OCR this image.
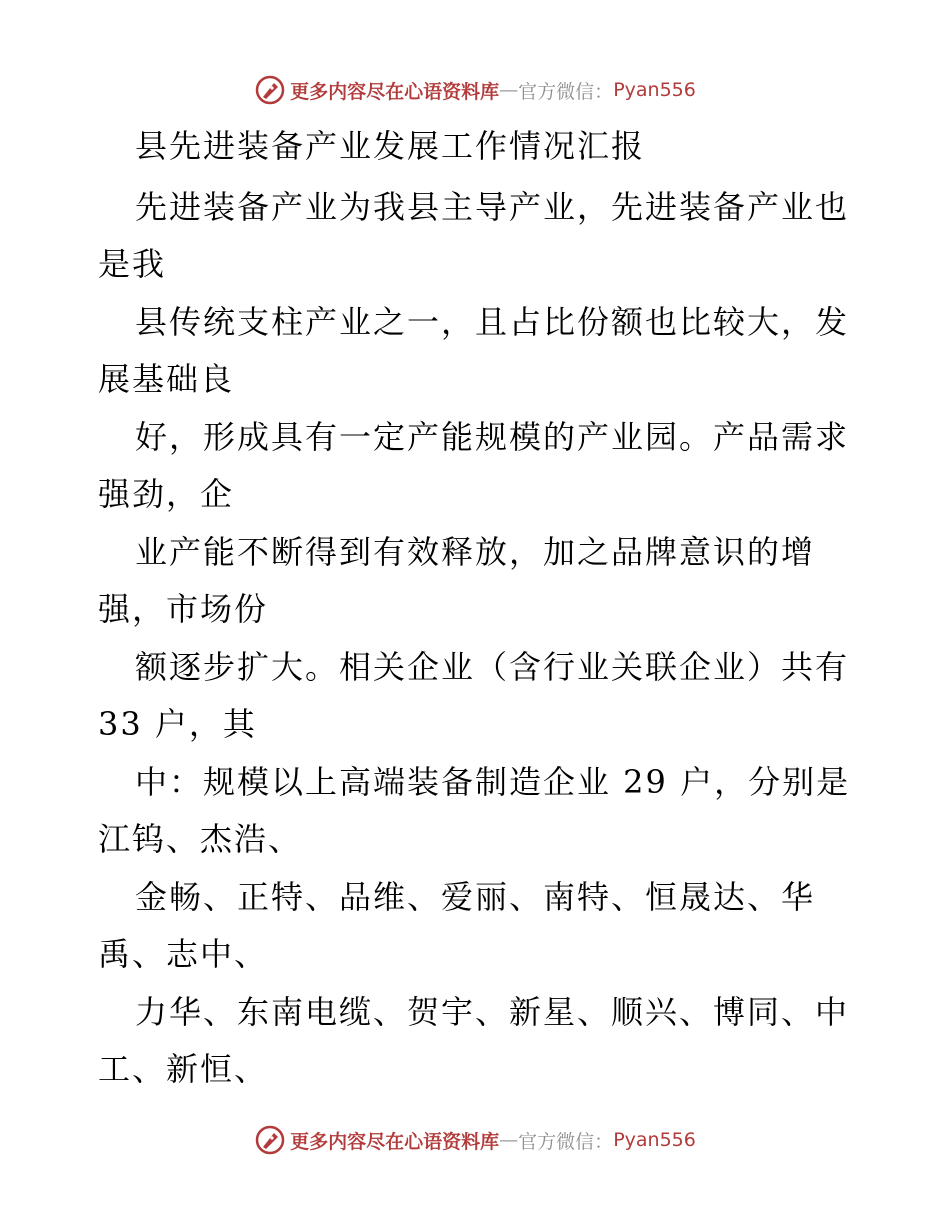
更多内容尽在心语资料库 — 官方微信： Pyan556
县先进装备产业发展工作情况汇报
先进装备产业为我县主导产业，先进装备产业也
是我
县传统支柱产业之一，且占比份额也比较大，发
展基础良
好，形成具有一定产能规模的产业园。产品需求
强劲，企
业产能不断得到有效释放，加之品牌意识的增
强，市场份
额逐步扩大。相关企业（含行业关联企业）共有
33 户，其
中：规模以上高端装备制造企业 29 户，分别是
江钨、杰浩、
金畅、正特、品维、爱丽、南特、恒晟达、华
禹、志中、
力华、东南电缆、贺宇、新星、顺兴、博同、中
工、新恒、
更多内容尽在心语资料库 — 官方微信： Pyan556
